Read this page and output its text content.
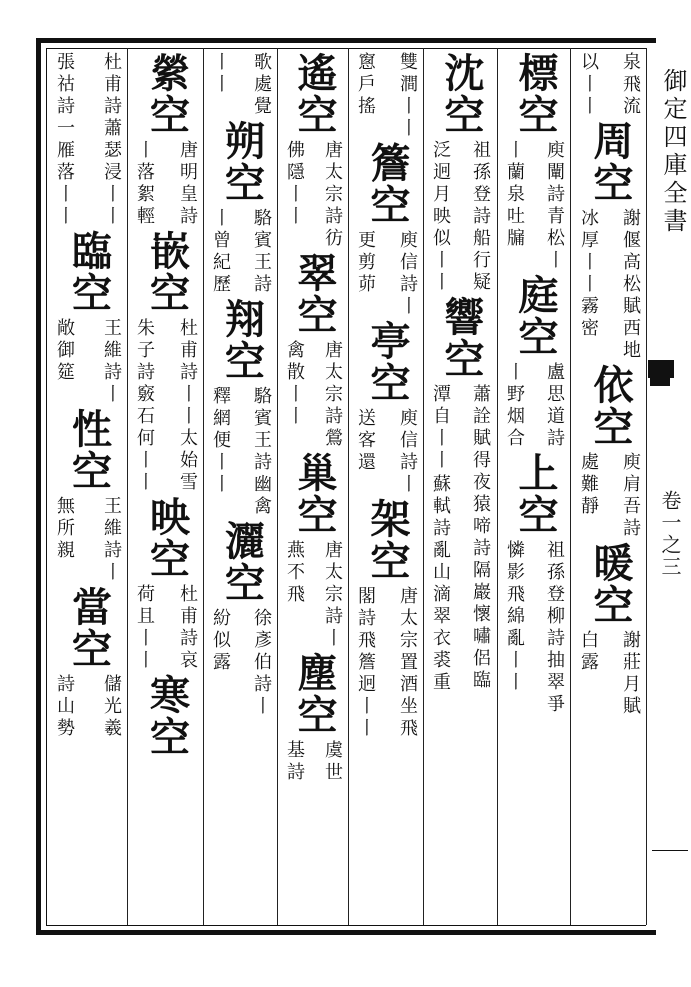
泉飛流
以丨丨
周空
謝偃高松賦西地
冰厚丨丨霧密
依空
庾肩吾詩
處難靜
暖空
謝莊月賦
白露
標空
庾闡詩青松丨
丨蘭泉吐牖
庭空
盧思道詩
丨野烟合
上空
祖孫登柳詩抽翠爭
憐影飛綿亂丨丨
沈空
祖孫登詩船行疑
泛迥月映似丨丨
響空
蕭詮賦得夜猿啼詩隔巖懷嘯侶臨
潭自丨丨
蘇軾詩亂山滴翠衣裘重
雙澗丨丨
窻戶搖
簷空
庾信詩丨
更剪茆
亭空
庾信詩丨
送客還
架空
唐太宗置酒坐飛
閣詩飛簷迥丨丨
遙空
唐太宗詩彷
佛隱丨丨
翠空
唐太宗詩鶯
禽散丨丨
巢空
唐太宗詩丨
燕不飛
塵空
虞世
基詩
歌處覺
丨丨
朔空
駱賓王詩
丨曾紀歷
翔空
駱賓王詩幽禽
釋網便丨丨
灑空
徐彥伯詩丨
紛似露
縈空
唐明皇詩
丨落絮輕
嵌空
杜甫詩丨丨太始雪
朱子詩竅石何丨丨
映空
杜甫詩哀
荷且丨丨
寒空
杜甫詩蕭瑟浸丨丨
張祜詩一雁落丨丨
臨空
王維詩丨
敞御筵
性空
王維詩丨
無所親
當空
儲光羲
詩山勢
御定四庫全書
卷一之三
